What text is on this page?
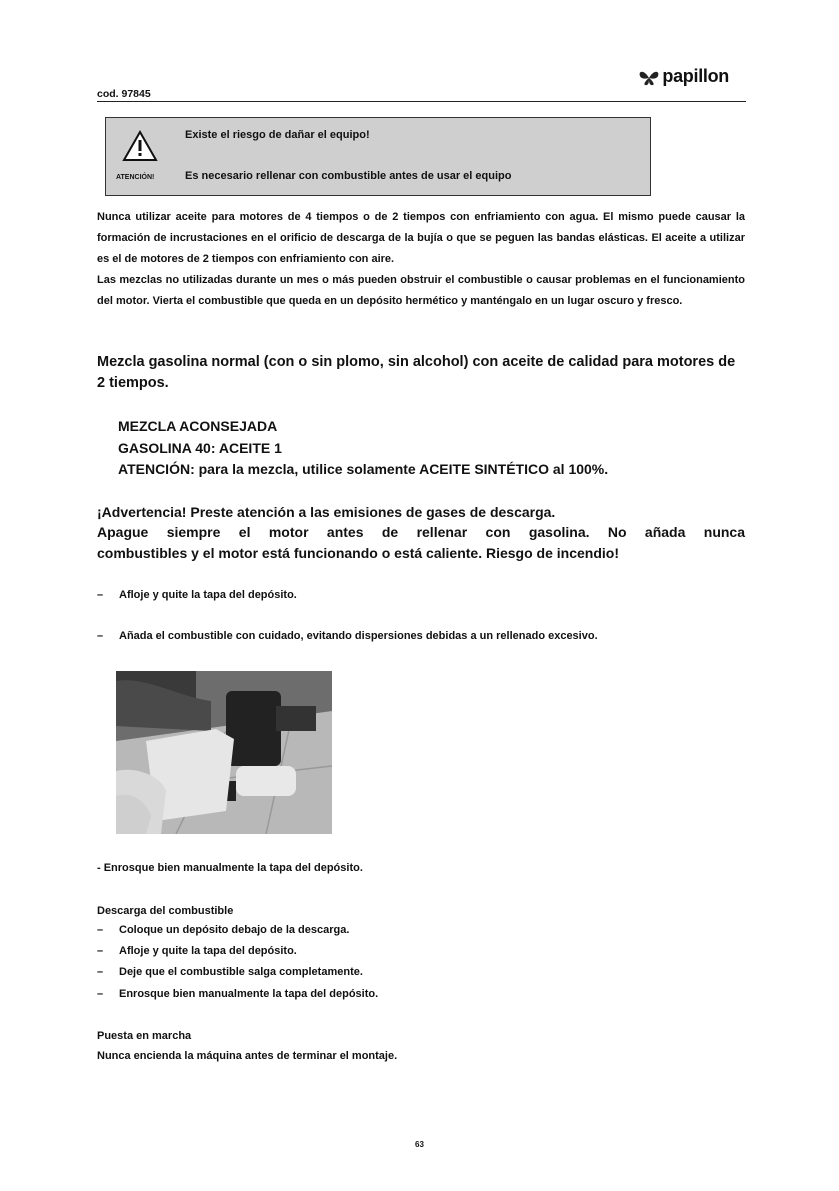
cod. 97845
papillon
ATENCIÓN!
Existe el riesgo de dañar el equipo!
Es necesario rellenar con combustible antes de usar el equipo
Nunca utilizar aceite para motores de 4 tiempos o de 2 tiempos con enfriamiento con agua. El mismo puede causar la formación de incrustaciones en el orificio de descarga de la bujía o que se peguen las bandas elásticas. El aceite a utilizar es el de motores de 2 tiempos con enfriamiento con aire.
Las mezclas no utilizadas durante un mes o más pueden obstruir el combustible o causar problemas en el funcionamiento del motor. Vierta el combustible que queda en un depósito hermético y manténgalo en un lugar oscuro y fresco.
Mezcla gasolina normal (con o sin plomo, sin alcohol) con aceite de calidad para motores de 2 tiempos.
MEZCLA ACONSEJADA
GASOLINA 40: ACEITE 1
ATENCIÓN: para la mezcla, utilice solamente ACEITE SINTÉTICO al 100%.
¡Advertencia! Preste atención a las emisiones de gases de descarga.
Apague siempre el motor antes de rellenar con gasolina. No añada nunca
combustibles y el motor está funcionando o está caliente. Riesgo de incendio!
–	Afloje y quite la tapa del depósito.
–	Añada el combustible con cuidado, evitando dispersiones debidas a un rellenado excesivo.
- Enrosque bien manualmente la tapa del depósito.
Descarga del combustible
–	Coloque un depósito debajo de la descarga.
–	Afloje y quite la tapa del depósito.
–	Deje que el combustible salga completamente.
–	Enrosque bien manualmente la tapa del depósito.
Puesta en marcha
Nunca encienda la máquina antes de terminar el montaje.
63
